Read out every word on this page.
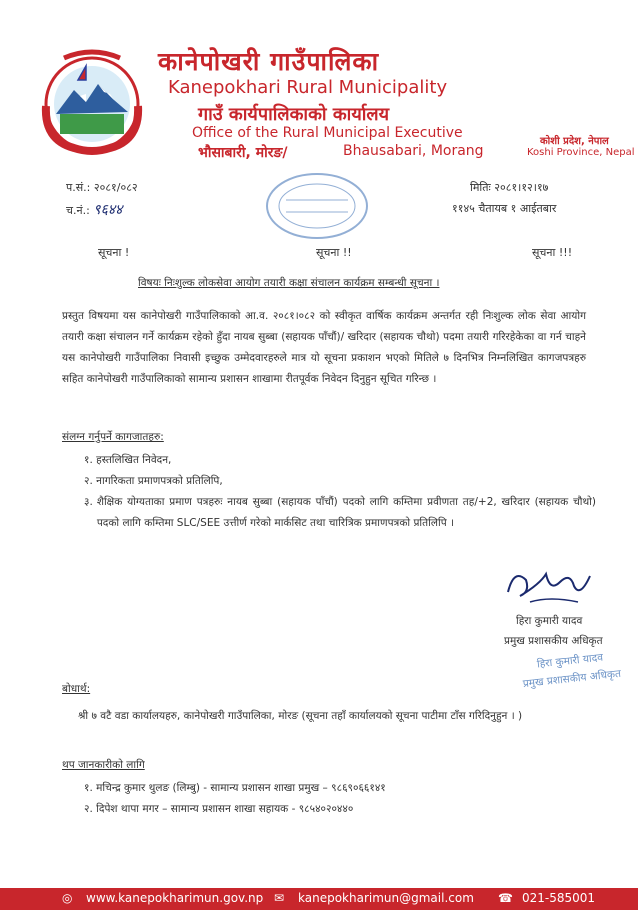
कानेपोखरी गाउँपालिका
Kanepokhari Rural Municipality
गाउँ कार्यपालिकाको कार्यालय
Office of the Rural Municipal Executive
भौसाबारी, मोरङ/	Bhausabari, Morang
कोशी प्रदेश, नेपाल
Koshi Province, Nepal
प.सं.: २०८१/०८२
च.नं.: ९६४४
मितिः २०८१।१२।१७
११४५ चैतायब १ आईतबार
सूचना !	सूचना !!	सूचना !!!
विषयः निःशुल्क लोकसेवा आयोग तयारी कक्षा संचालन कार्यक्रम सम्बन्धी सूचना ।
प्रस्तुत विषयमा यस कानेपोखरी गाउँपालिकाको आ.व. २०८१।०८२ को स्वीकृत वार्षिक कार्यक्रम अन्तर्गत रही निःशुल्क लोक सेवा आयोग तयारी कक्षा संचालन गर्ने कार्यक्रम रहेको हुँदा नायब सुब्बा (सहायक पाँचौं)/ खरिदार (सहायक चौथो) पदमा तयारी गरिरहेकेका वा गर्न चाहने यस कानेपोखरी गाउँपालिका निवासी इच्छुक उम्मेदवारहरुले मात्र यो सूचना प्रकाशन भएको मितिले ७ दिनभित्र निम्नलिखित कागजपत्रहरु सहित कानेपोखरी गाउँपालिकाको सामान्य प्रशासन शाखामा रीतपूर्वक निवेदन दिनुहुन सूचित गरिन्छ ।
संलग्न गर्नुपर्ने कागजातहरु:
१. हस्तलिखित निवेदन,
२. नागरिकता प्रमाणपत्रको प्रतिलिपि,
३. शैक्षिक योग्यताका प्रमाण पत्रहरुः नायब सुब्बा (सहायक पाँचौं) पदको लागि कम्तिमा प्रवीणता तह/+2, खरिदार (सहायक चौथो) पदको लागि कम्तिमा SLC/SEE उत्तीर्ण गरेको मार्कसिट तथा चारित्रिक प्रमाणपत्रको प्रतिलिपि ।
हिरा कुमारी यादव
प्रमुख प्रशासकीय अधिकृत
हिरा कुमारी यादव
प्रमुख प्रशासकीय अधिकृत
बोधार्थ:
श्री ७ वटै वडा कार्यालयहरु, कानेपोखरी गाउँपालिका, मोरङ (सूचना तहाँ कार्यालयको सूचना पाटीमा टाँस गरिदिनुहुन । )
थप जानकारीको लागि
१. मचिन्द्र कुमार थुलङ (लिम्बु) - सामान्य प्रशासन शाखा प्रमुख – ९८६९०६६१४१
२. दिपेश थापा मगर – सामान्य प्रशासन शाखा सहायक - ९८५४०२०४४०
◎ www.kanepokharimun.gov.np ✉ kanepokharimun@gmail.com ☎ 021-585001
